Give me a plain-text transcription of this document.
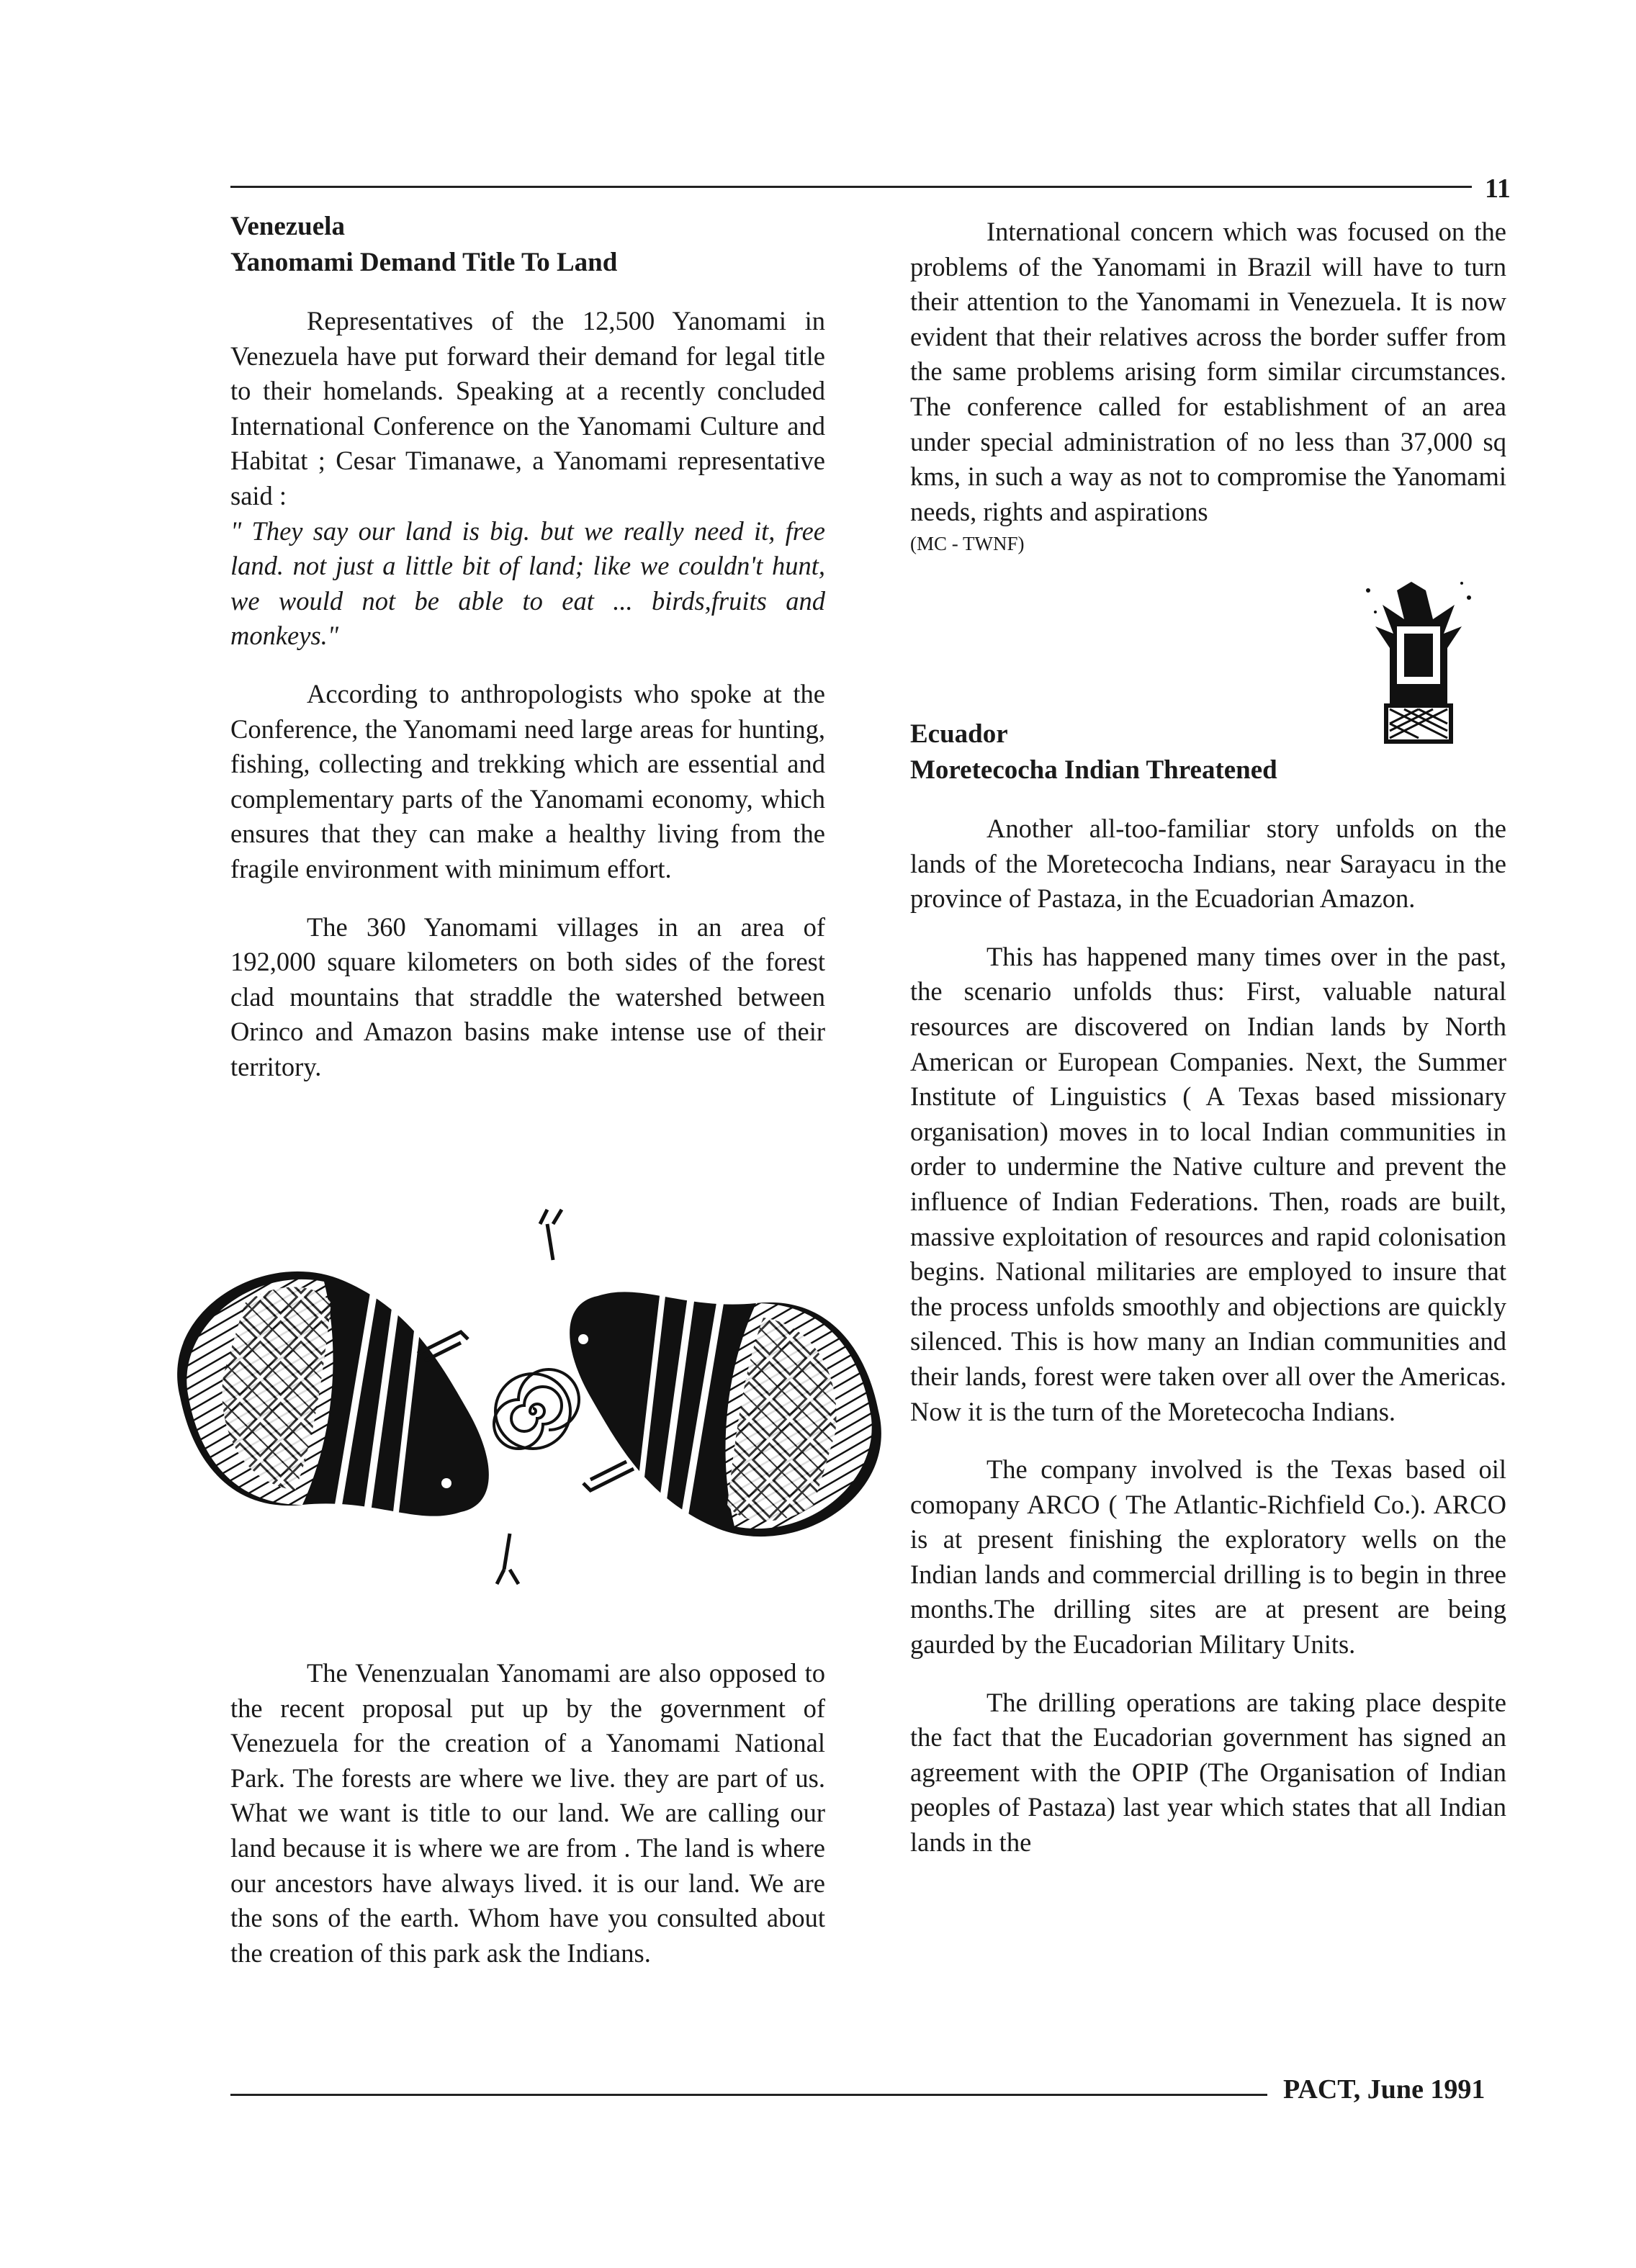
11
Venezuela
Yanomami Demand Title To Land

Representatives of the 12,500 Yanomami in Venezuela have put forward their demand for legal title to their homelands. Speaking at a recently concluded International Conference on the Yanomami Culture and Habitat ; Cesar Timanawe, a Yanomami representative said :

" They say our land is big. but we really need it, free land. not just a little bit of land; like we couldn't hunt, we would not be able to eat ... birds,fruits and monkeys."

According to anthropologists who spoke at the Conference, the Yanomami need large areas for hunting, fishing, collecting and trekking which are essential and complementary parts of the Yanomami economy, which ensures that they can make a healthy living from the fragile environment with minimum effort.

The 360 Yanomami villages in an area of 192,000 square kilometers on both sides of the forest clad mountains that straddle the watershed between Orinco and Amazon basins make intense use of their territory.

The Venenzualan Yanomami are also opposed to the recent proposal put up by the government of Venezuela for the creation of a Yanomami National Park. The forests are where we live. they are part of us. What we want is title to our land. We are calling our land because it is where we are from . The land is where our ancestors have always lived. it is our land. We are the sons of the earth. Whom have you consulted about the creation of this park ask the Indians.

International concern which was focused on the problems of the Yanomami in Brazil will have to turn their attention to the Yanomami in Venezuela. It is now evident that their relatives across the border suffer from the same problems arising form similar circumstances. The conference called for establishment of an area under special administration of no less than 37,000 sq kms, in such a way as not to compromise the Yanomami needs, rights and aspirations

(MC - TWNF)

Ecuador
Moretecocha Indian Threatened

Another all-too-familiar story unfolds on the lands of the Moretecocha Indians, near Sarayacu in the province of Pastaza, in the Ecuadorian Amazon.

This has happened many times over in the past, the scenario unfolds thus: First, valuable natural resources are discovered on Indian lands by North American or European Companies. Next, the Summer Institute of Linguistics ( A Texas based missionary organisation) moves in to local Indian communities in order to undermine the Native culture and prevent the influence of Indian Federations. Then, roads are built, massive exploitation of resources and rapid colonisation begins. National militaries are employed to insure that the process unfolds smoothly and objections are quickly silenced. This is how many an Indian communities and their lands, forest were taken over all over the Americas. Now it is the turn of the Moretecocha Indians.

The company involved is the Texas based oil comopany ARCO ( The Atlantic-Richfield Co.). ARCO is at present finishing the exploratory wells on the Indian lands and commercial drilling is to begin in three months.The drilling sites are at present are being gaurded by the Eucadorian Military Units.

The drilling operations are taking place despite the fact that the Eucadorian government has signed an agreement with the OPIP (The Organisation of Indian peoples of Pastaza) last year which states that all Indian lands in the

PACT, June 1991
